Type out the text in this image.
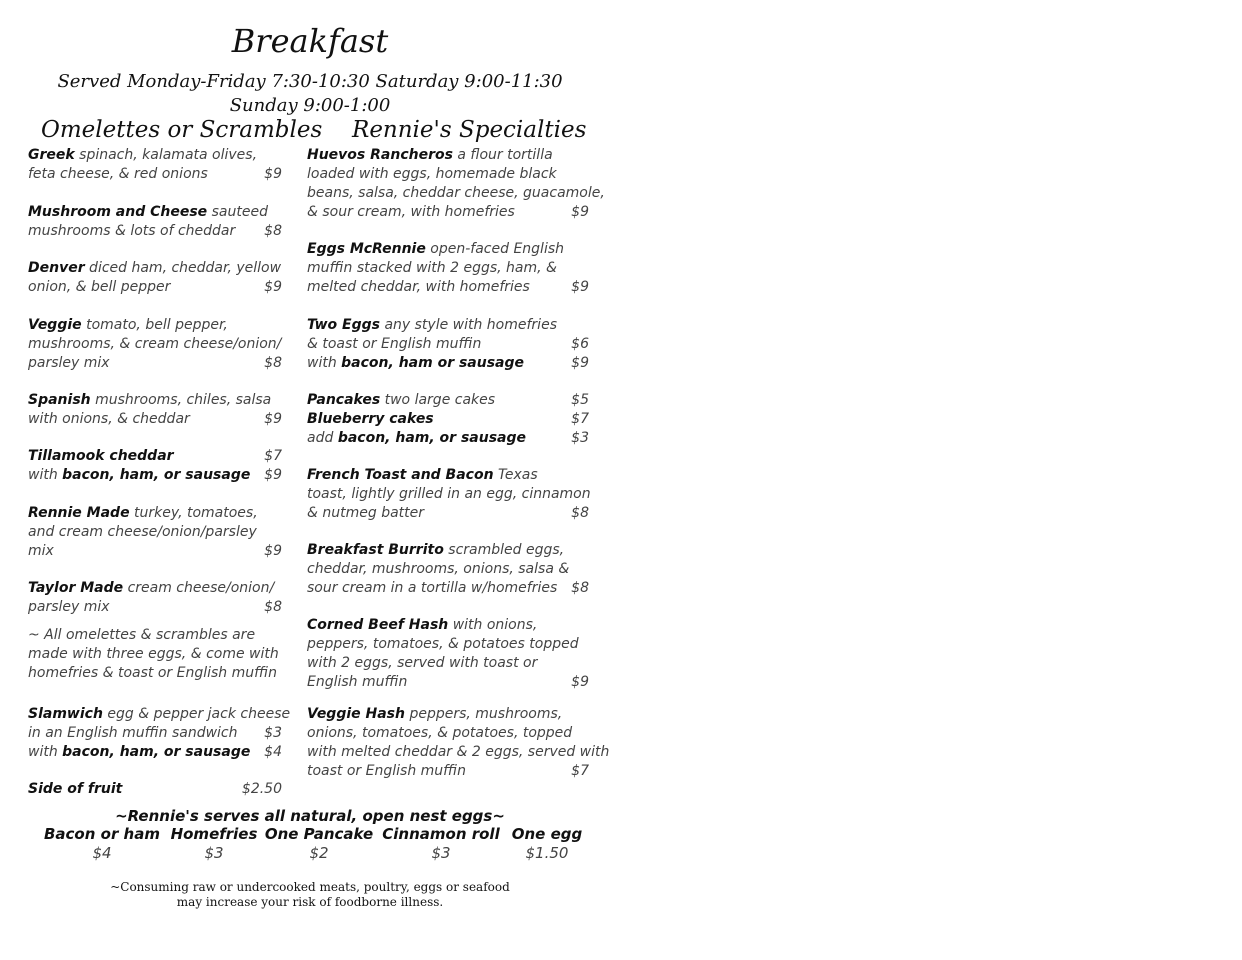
Breakfast
Served Monday-Friday 7:30-10:30 Saturday 9:00-11:30
Sunday 9:00-1:00
Omelettes or Scrambles Rennie's Specialties
Greek spinach, kalamata olives,
feta cheese, & red onions	$9
Mushroom and Cheese sauteed
mushrooms & lots of cheddar $8
Denver diced ham, cheddar, yellow
onion, & bell pepper	$9
Veggie tomato, bell pepper,
mushrooms, & cream cheese/onion/
parsley mix	$8
Spanish mushrooms, chiles, salsa
with onions, & cheddar	$9
Tillamook cheddar	$7
with bacon, ham, or sausage $9
Rennie Made turkey, tomatoes,
and cream cheese/onion/parsley
mix	$9
Taylor Made cream cheese/onion/
parsley mix	$8
~ All omelettes & scrambles are
made with three eggs, & come with
homefries & toast or English muffin
Slamwich egg & pepper jack cheese
in an English muffin sandwich $3
with bacon, ham, or sausage $4
Side of fruit	$2.50
Huevos Rancheros a flour tortilla
loaded with eggs, homemade black
beans, salsa, cheddar cheese, guacamole,
& sour cream, with homefries	$9
Eggs McRennie open-faced English
muffin stacked with 2 eggs, ham, &
melted cheddar, with homefries	$9
Two Eggs any style with homefries
& toast or English muffin	$6
with bacon, ham or sausage	$9
Pancakes two large cakes	$5
Blueberry cakes	$7
add bacon, ham, or sausage	$3
French Toast and Bacon Texas
toast, lightly grilled in an egg, cinnamon
& nutmeg batter	$8
Breakfast Burrito scrambled eggs,
cheddar, mushrooms, onions, salsa &
sour cream in a tortilla w/homefries $8
Corned Beef Hash with onions,
peppers, tomatoes, & potatoes topped
with 2 eggs, served with toast or
English muffin	$9
Veggie Hash peppers, mushrooms,
onions, tomatoes, & potatoes, topped
with melted cheddar & 2 eggs, served with
toast or English muffin	$7
~Rennie's serves all natural, open nest eggs~
Bacon or ham
$4
Homefries
$3
One Pancake
$2
Cinnamon roll
$3
One egg
$1.50
~Consuming raw or undercooked meats, poultry, eggs or seafood
may increase your risk of foodborne illness.
